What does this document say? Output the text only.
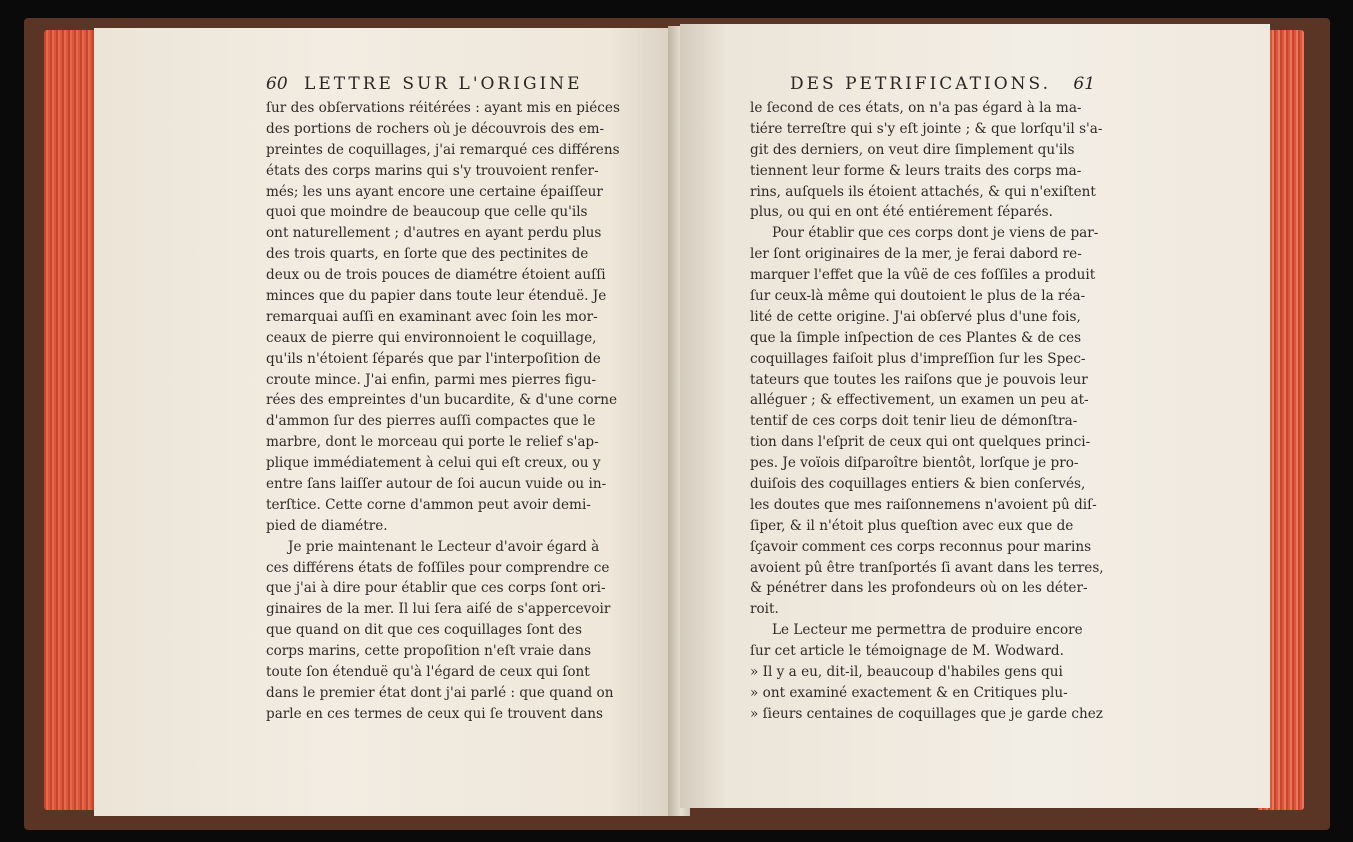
60 LETTRE SUR L'ORIGINE
ſur des obſervations réitérées : ayant mis en piéces
des portions de rochers où je découvrois des em-
preintes de coquillages, j'ai remarqué ces différens
états des corps marins qui s'y trouvoient renfer-
més; les uns ayant encore une certaine épaiſſeur
quoi que moindre de beaucoup que celle qu'ils
ont naturellement ; d'autres en ayant perdu plus
des trois quarts, en ſorte que des pectinites de
deux ou de trois pouces de diamétre étoient auſſi
minces que du papier dans toute leur étenduë. Je
remarquai auſſi en examinant avec ſoin les mor-
ceaux de pierre qui environnoient le coquillage,
qu'ils n'étoient ſéparés que par l'interpoſition de
croute mince. J'ai enfin, parmi mes pierres figu-
rées des empreintes d'un bucardite, & d'une corne
d'ammon ſur des pierres auſſi compactes que le
marbre, dont le morceau qui porte le relief s'ap-
plique immédiatement à celui qui eſt creux, ou y
entre ſans laiſſer autour de ſoi aucun vuide ou in-
terſtice. Cette corne d'ammon peut avoir demi-
pied de diamétre.
Je prie maintenant le Lecteur d'avoir égard à
ces différens états de foſſiles pour comprendre ce
que j'ai à dire pour établir que ces corps ſont ori-
ginaires de la mer. Il lui ſera aiſé de s'appercevoir
que quand on dit que ces coquillages ſont des
corps marins, cette propoſition n'eſt vraie dans
toute ſon étenduë qu'à l'égard de ceux qui ſont
dans le premier état dont j'ai parlé : que quand on
parle en ces termes de ceux qui ſe trouvent dans
DES PETRIFICATIONS. 61
le ſecond de ces états, on n'a pas égard à la ma-
tiére terreſtre qui s'y eſt jointe ; & que lorſqu'il s'a-
git des derniers, on veut dire ſimplement qu'ils
tiennent leur forme & leurs traits des corps ma-
rins, auſquels ils étoient attachés, & qui n'exiſtent
plus, ou qui en ont été entiérement ſéparés.
Pour établir que ces corps dont je viens de par-
ler ſont originaires de la mer, je ferai dabord re-
marquer l'effet que la vûë de ces foſſiles a produit
ſur ceux-là même qui doutoient le plus de la réa-
lité de cette origine. J'ai obſervé plus d'une fois,
que la ſimple inſpection de ces Plantes & de ces
coquillages faiſoit plus d'impreſſion ſur les Spec-
tateurs que toutes les raiſons que je pouvois leur
alléguer ; & effectivement, un examen un peu at-
tentif de ces corps doit tenir lieu de démonſtra-
tion dans l'eſprit de ceux qui ont quelques princi-
pes. Je voïois diſparoître bientôt, lorſque je pro-
duiſois des coquillages entiers & bien conſervés,
les doutes que mes raiſonnemens n'avoient pû diſ-
ſiper, & il n'étoit plus queſtion avec eux que de
ſçavoir comment ces corps reconnus pour marins
avoient pû être tranſportés ſi avant dans les terres,
& pénétrer dans les profondeurs où on les déter-
roit.
Le Lecteur me permettra de produire encore
ſur cet article le témoignage de M. Wodward.
» Il y a eu, dit-il, beaucoup d'habiles gens qui
» ont examiné exactement & en Critiques plu-
» ſieurs centaines de coquillages que je garde chez
